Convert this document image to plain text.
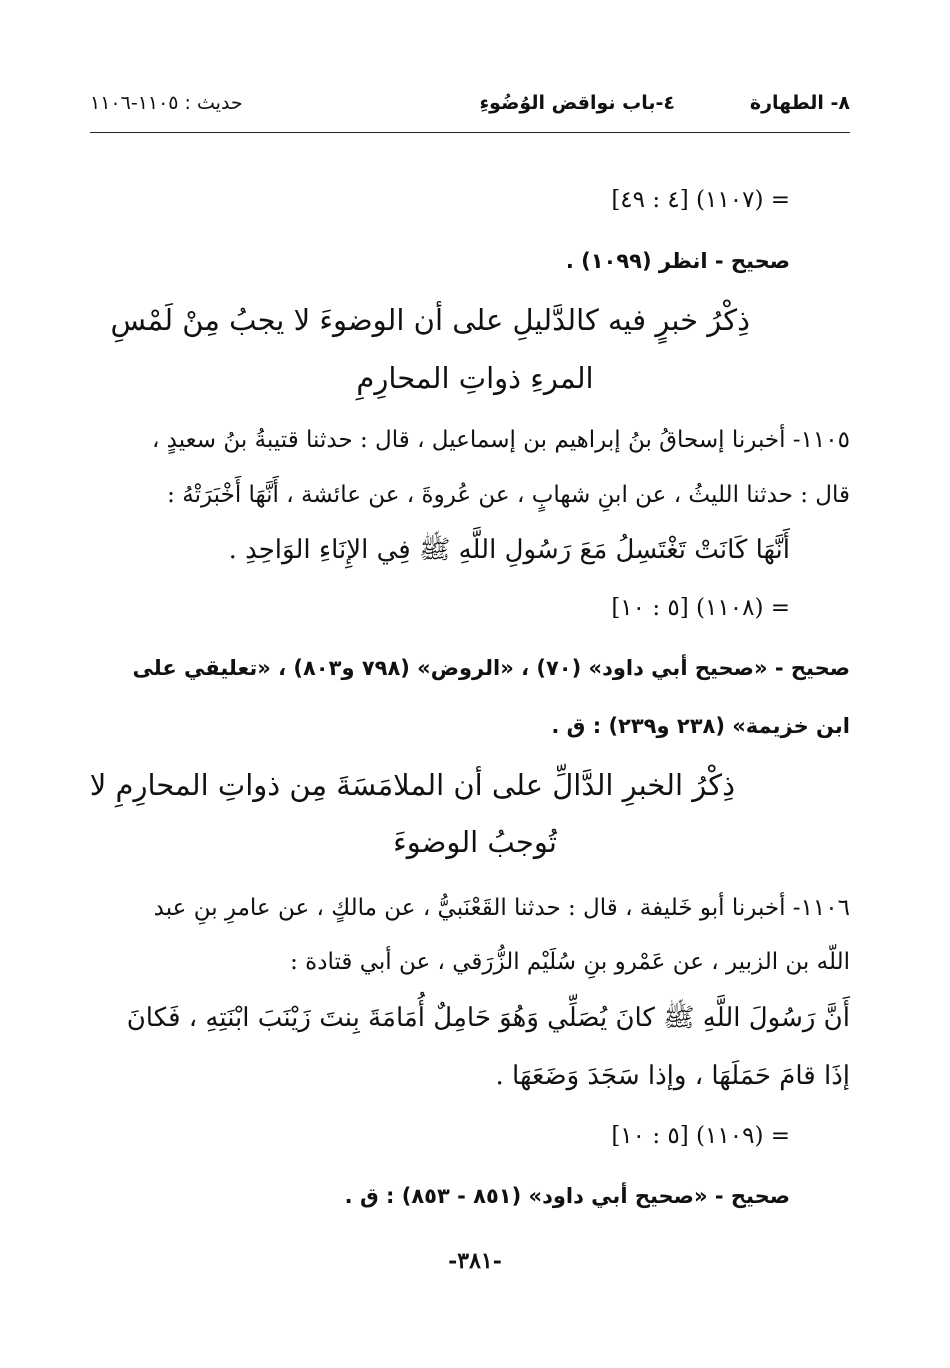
٨- الطهارة
٤-باب نواقض الوُضُوءِ
حديث : ١١٠٥-١١٠٦
= (١١٠٧) [٤ : ٤٩]
صحيح - انظر (١٠٩٩) .
ذِكْرُ خبرٍ فيه كالدَّليلِ على أن الوضوءَ لا يجبُ مِنْ لَمْسِ
المرءِ ذواتِ المحارِمِ
١١٠٥- أخبرنا إسحاقُ بنُ إبراهيم بن إسماعيل ، قال : حدثنا قتيبةُ بنُ سعيدٍ ،
قال : حدثنا الليثُ ، عن ابنِ شهابٍ ، عن عُروةَ ، عن عائشة ، أَنَّهَا أَخْبَرَتْهُ :
أَنَّهَا كَانَتْ تَغْتَسِلُ مَعَ رَسُولِ اللَّهِ ﷺ فِي الإِنَاءِ الوَاحِدِ .
= (١١٠٨) [٥ : ١٠]
صحيح - «صحيح أبي داود» (٧٠) ، «الروض» (٧٩٨ و٨٠٣) ، «تعليقي على
ابن خزيمة» (٢٣٨ و٢٣٩) : ق .
ذِكْرُ الخبرِ الدَّالِّ على أن الملامَسَةَ مِن ذواتِ المحارِمِ لا
تُوجبُ الوضوءَ
١١٠٦- أخبرنا أبو خَليفة ، قال : حدثنا القَعْنَبيُّ ، عن مالكٍ ، عن عامرِ بنِ عبد
اللّه بن الزبير ، عن عَمْرو بنِ سُلَيْم الزُّرَقي ، عن أبي قتادة :
أَنَّ رَسُولَ اللَّهِ ﷺ كانَ يُصَلِّي وَهُوَ حَامِلٌ أُمَامَةَ بِنتَ زَيْنَبَ ابْنَتِهِ ، فَكانَ
إذَا قامَ حَمَلَهَا ، وإذا سَجَدَ وَضَعَهَا .
= (١١٠٩) [٥ : ١٠]
صحيح - «صحيح أبي داود» (٨٥١ - ٨٥٣) : ق .
-٣٨١-
